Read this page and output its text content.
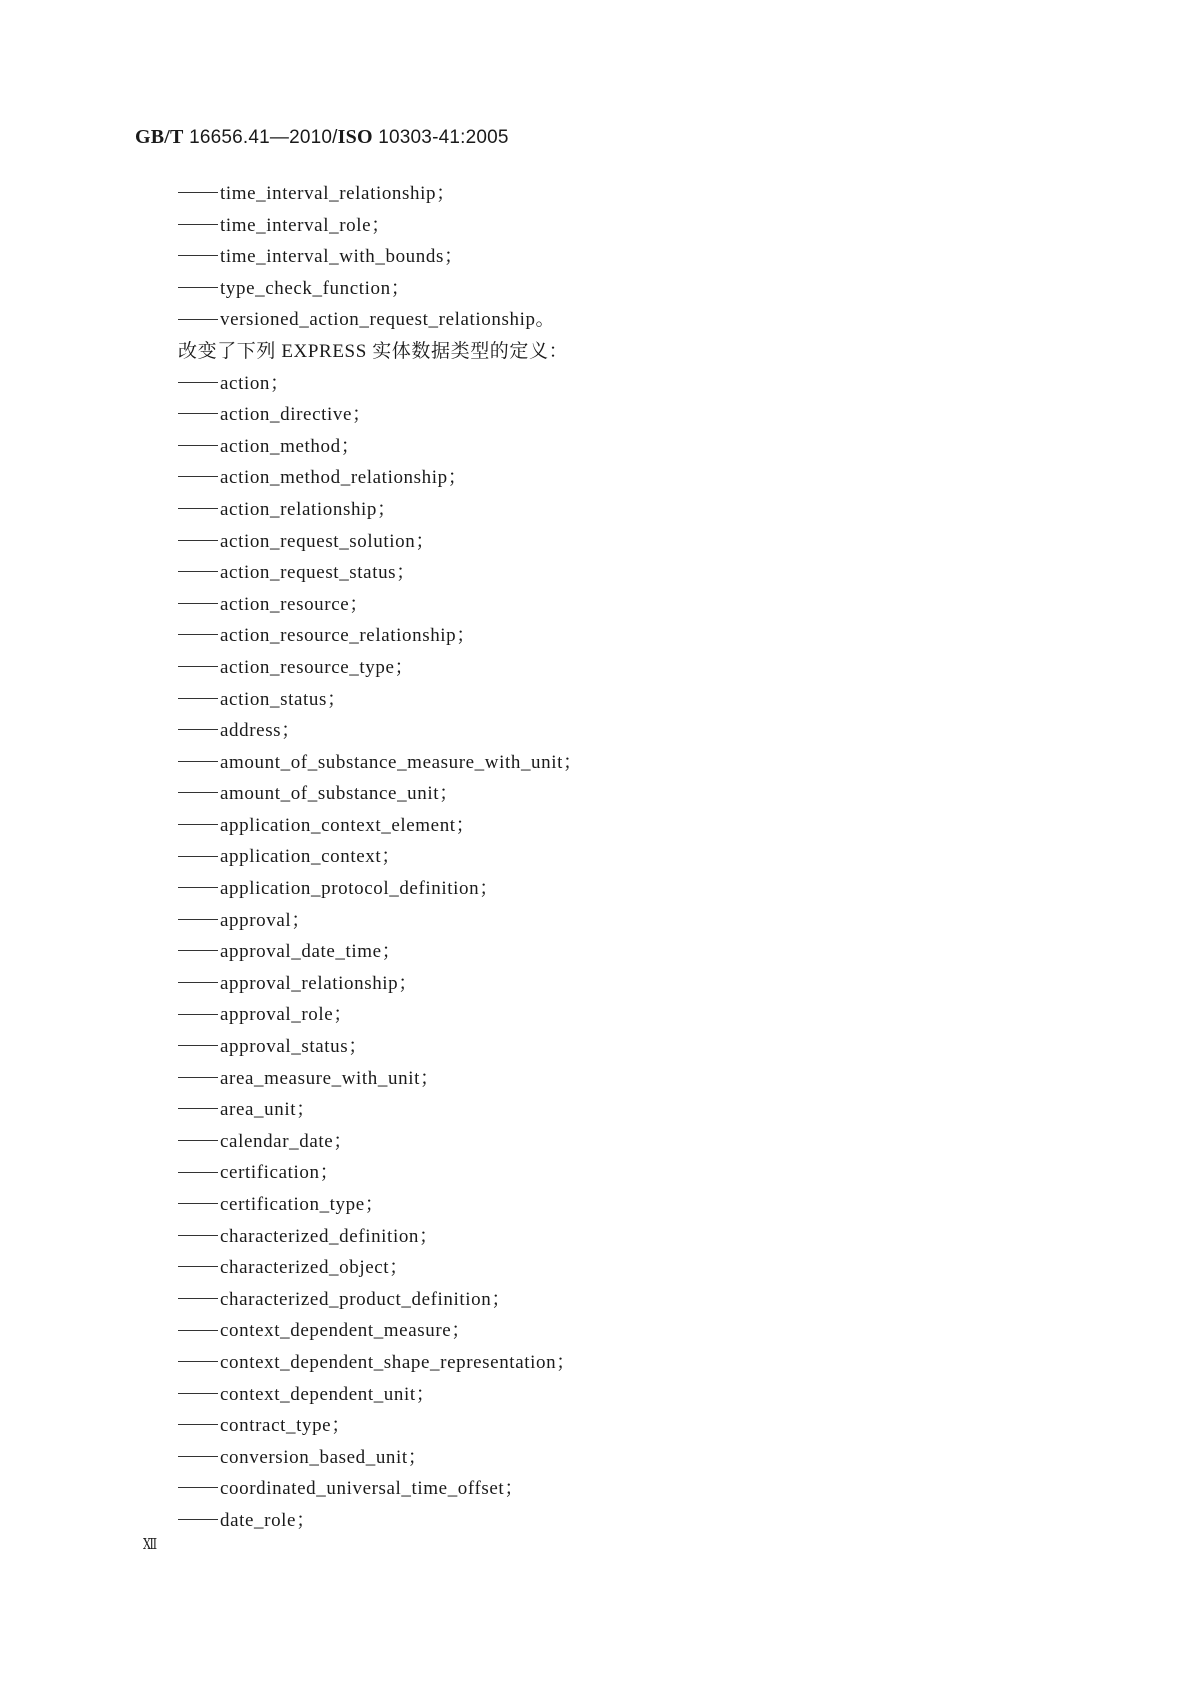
GB/T 16656.41—2010/ISO 10303-41:2005
time_interval_relationship；
time_interval_role；
time_interval_with_bounds；
type_check_function；
versioned_action_request_relationship。
改变了下列 EXPRESS 实体数据类型的定义：
action；
action_directive；
action_method；
action_method_relationship；
action_relationship；
action_request_solution；
action_request_status；
action_resource；
action_resource_relationship；
action_resource_type；
action_status；
address；
amount_of_substance_measure_with_unit；
amount_of_substance_unit；
application_context_element；
application_context；
application_protocol_definition；
approval；
approval_date_time；
approval_relationship；
approval_role；
approval_status；
area_measure_with_unit；
area_unit；
calendar_date；
certification；
certification_type；
characterized_definition；
characterized_object；
characterized_product_definition；
context_dependent_measure；
context_dependent_shape_representation；
context_dependent_unit；
contract_type；
conversion_based_unit；
coordinated_universal_time_offset；
date_role；
Ⅻ
